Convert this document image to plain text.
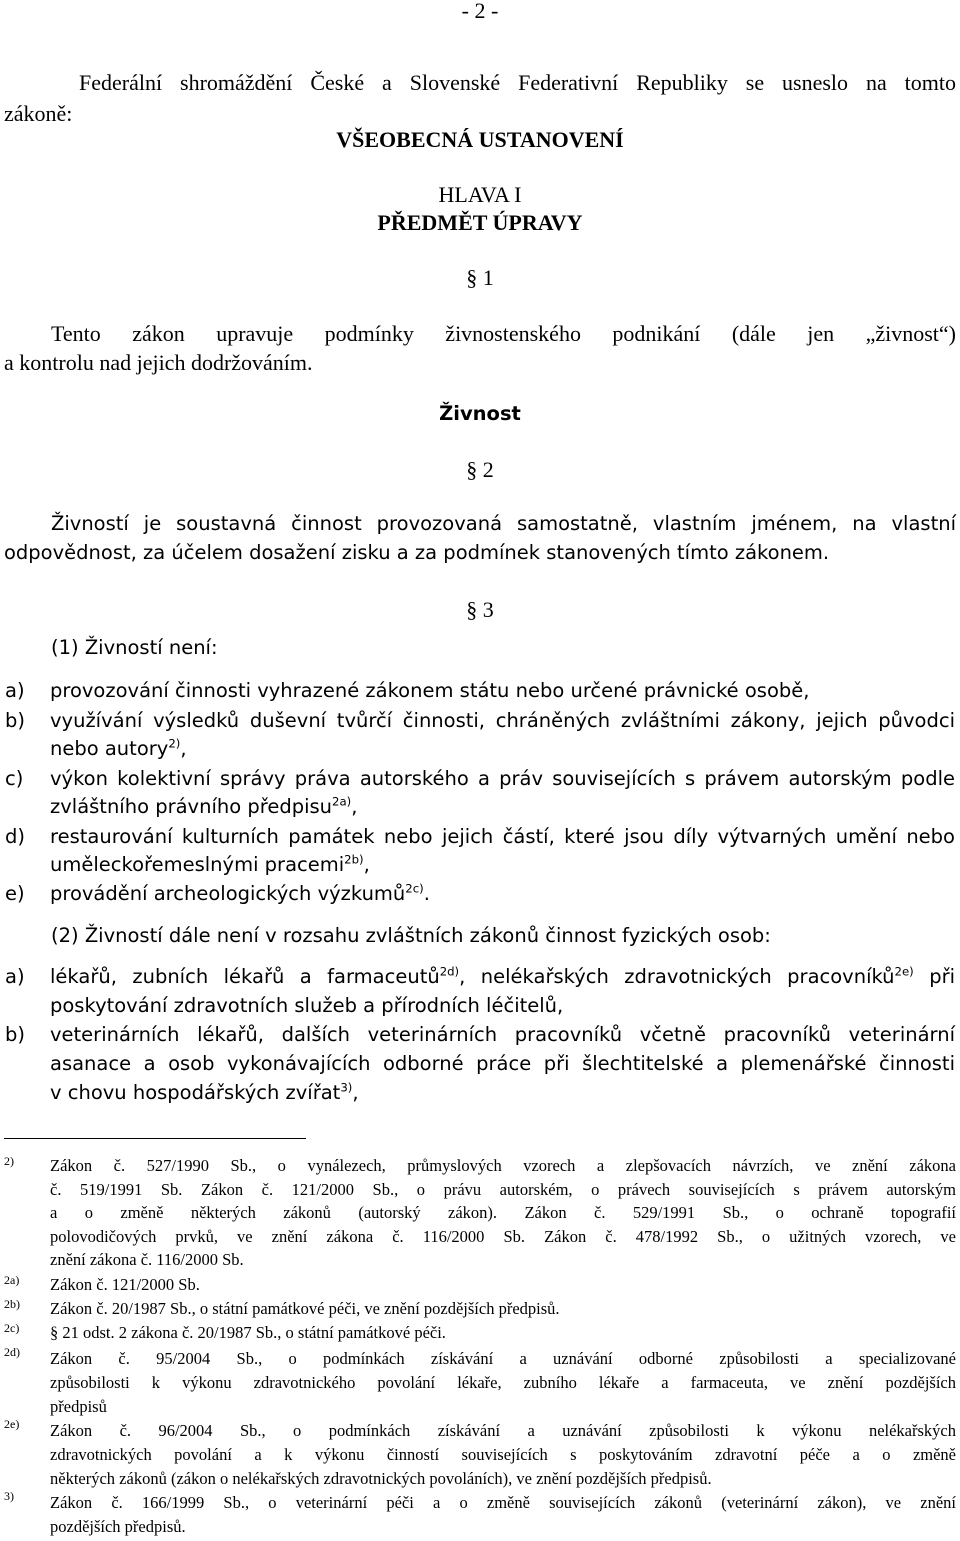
- 2 -
Federální shromáždění České a Slovenské Federativní Republiky se usneslo na tomto
zákoně:
VŠEOBECNÁ USTANOVENÍ
HLAVA I
PŘEDMĚT ÚPRAVY
§ 1
Tento zákon upravuje podmínky živnostenského podnikání (dále jen „živnost“)
a kontrolu nad jejich dodržováním.
Živnost
§ 2
Živností je soustavná činnost provozovaná samostatně, vlastním jménem, na vlastní
odpovědnost, za účelem dosažení zisku a za podmínek stanovených tímto zákonem.
§ 3
(1) Živností není:
a) provozování činnosti vyhrazené zákonem státu nebo určené právnické osobě,
b) využívání výsledků duševní tvůrčí činnosti, chráněných zvláštními zákony, jejich původci
nebo autory$^{2)}$,
c) výkon kolektivní správy práva autorského a práv souvisejících s právem autorským podle
zvláštního právního předpisu$^{2a)}$,
d) restaurování kulturních památek nebo jejich částí, které jsou díly výtvarných umění nebo
uměleckořemeslnými pracemi$^{2b)}$,
e) provádění archeologických výzkumů$^{2c)}$.
(2) Živností dále není v rozsahu zvláštních zákonů činnost fyzických osob:
a) lékařů, zubních lékařů a farmaceutů$^{2d)}$, nelékařských zdravotnických pracovníků$^{2e)}$ při
poskytování zdravotních služeb a přírodních léčitelů,
b) veterinárních lékařů, dalších veterinárních pracovníků včetně pracovníků veterinární
asanace a osob vykonávajících odborné práce při šlechtitelské a plemenářské činnosti
v chovu hospodářských zvířat$^{3)}$,
2) Zákon č. 527/1990 Sb., o vynálezech, průmyslových vzorech a zlepšovacích návrzích, ve znění zákona
č. 519/1991 Sb. Zákon č. 121/2000 Sb., o právu autorském, o právech souvisejících s právem autorským
a o změně některých zákonů (autorský zákon). Zákon č. 529/1991 Sb., o ochraně topografií
polovodičových prvků, ve znění zákona č. 116/2000 Sb. Zákon č. 478/1992 Sb., o užitných vzorech, ve
znění zákona č. 116/2000 Sb.
2a) Zákon č. 121/2000 Sb.
2b) Zákon č. 20/1987 Sb., o státní památkové péči, ve znění pozdějších předpisů.
2c) § 21 odst. 2 zákona č. 20/1987 Sb., o státní památkové péči.
2d) Zákon č. 95/2004 Sb., o podmínkách získávání a uznávání odborné způsobilosti a specializované
způsobilosti k výkonu zdravotnického povolání lékaře, zubního lékaře a farmaceuta, ve znění pozdějších
předpisů
2e) Zákon č. 96/2004 Sb., o podmínkách získávání a uznávání způsobilosti k výkonu nelékařských
zdravotnických povolání a k výkonu činností souvisejících s poskytováním zdravotní péče a o změně
některých zákonů (zákon o nelékařských zdravotnických povoláních), ve znění pozdějších předpisů.
3) Zákon č. 166/1999 Sb., o veterinární péči a o změně souvisejících zákonů (veterinární zákon), ve znění
pozdějších předpisů.
